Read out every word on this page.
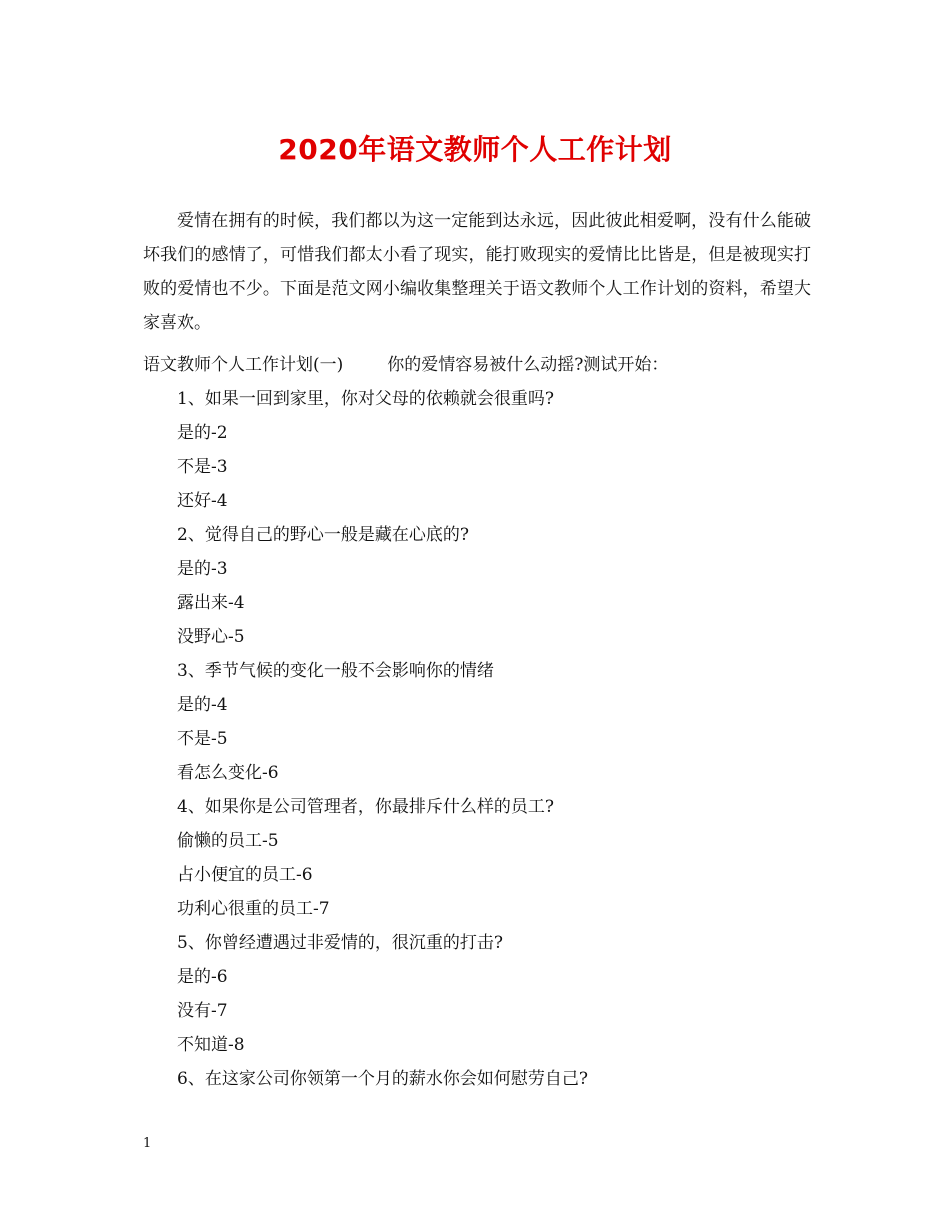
2020年语文教师个人工作计划

爱情在拥有的时候，我们都以为这一定能到达永远，因此彼此相爱啊，没有什么能破坏我们的感情了，可惜我们都太小看了现实，能打败现实的爱情比比皆是，但是被现实打败的爱情也不少。下面是范文网小编收集整理关于语文教师个人工作计划的资料，希望大家喜欢。

语文教师个人工作计划(一)	你的爱情容易被什么动摇?测试开始：

1、如果一回到家里，你对父母的依赖就会很重吗?
是的-2
不是-3
还好-4
2、觉得自己的野心一般是藏在心底的?
是的-3
露出来-4
没野心-5
3、季节气候的变化一般不会影响你的情绪
是的-4
不是-5
看怎么变化-6
4、如果你是公司管理者，你最排斥什么样的员工?
偷懒的员工-5
占小便宜的员工-6
功利心很重的员工-7
5、你曾经遭遇过非爱情的，很沉重的打击?
是的-6
没有-7
不知道-8
6、在这家公司你领第一个月的薪水你会如何慰劳自己?
1
